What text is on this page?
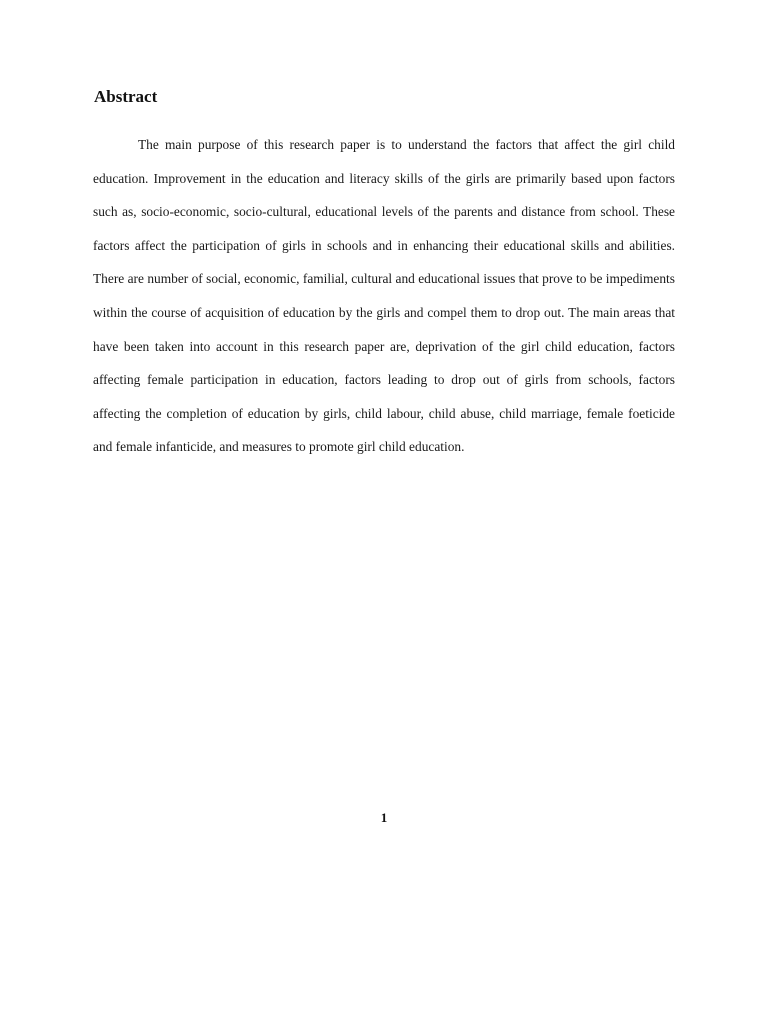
Abstract

The main purpose of this research paper is to understand the factors that affect the girl child education. Improvement in the education and literacy skills of the girls are primarily based upon factors such as, socio-economic, socio-cultural, educational levels of the parents and distance from school. These factors affect the participation of girls in schools and in enhancing their educational skills and abilities. There are number of social, economic, familial, cultural and educational issues that prove to be impediments within the course of acquisition of education by the girls and compel them to drop out. The main areas that have been taken into account in this research paper are, deprivation of the girl child education, factors affecting female participation in education, factors leading to drop out of girls from schools, factors affecting the completion of education by girls, child labour, child abuse, child marriage, female foeticide and female infanticide, and measures to promote girl child education.

1
